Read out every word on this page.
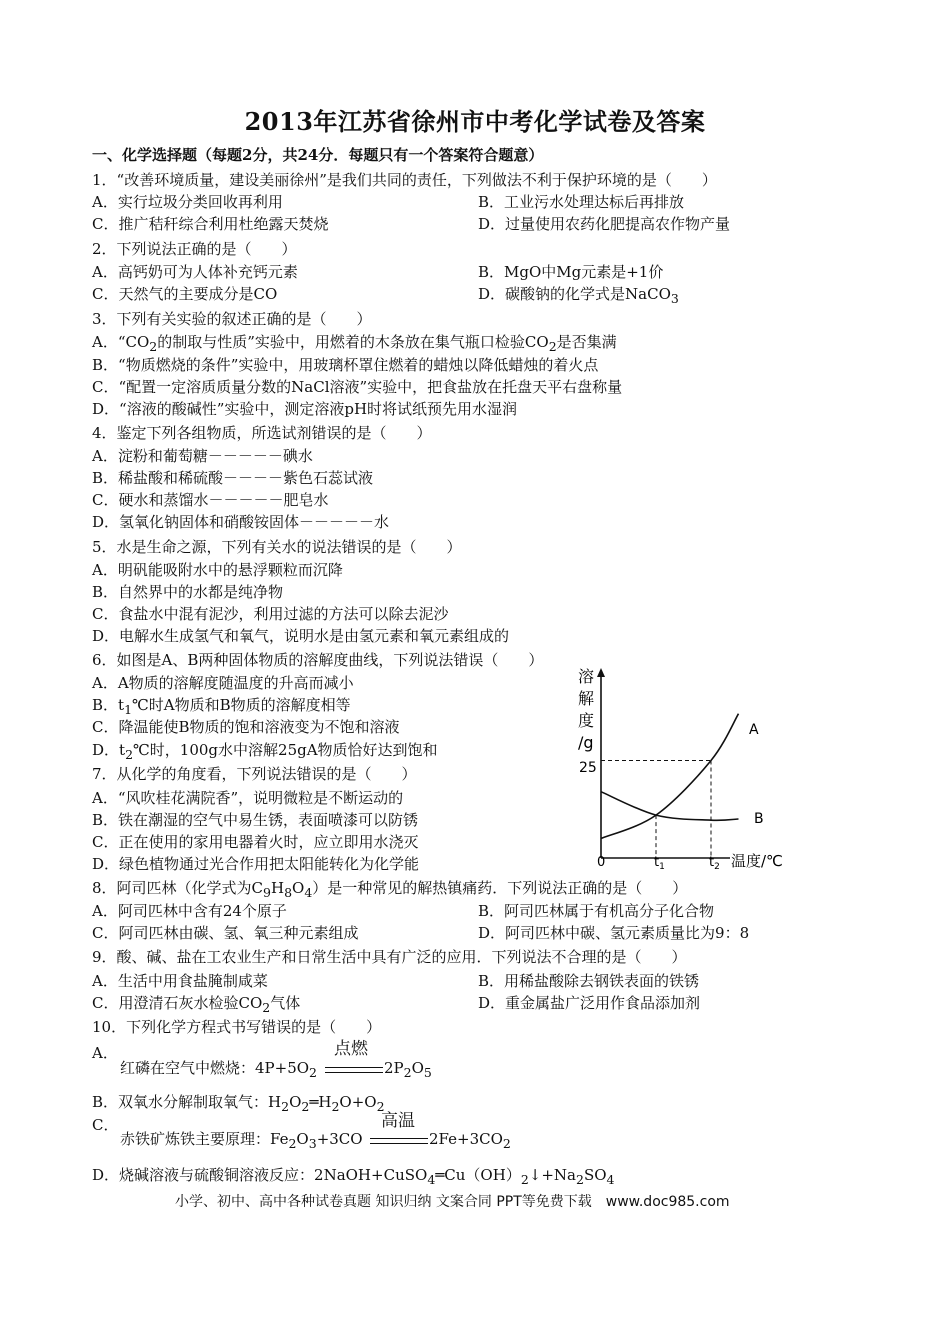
2013年江苏省徐州市中考化学试卷及答案
一、化学选择题（每题2分，共24分．每题只有一个答案符合题意）
1．“改善环境质量，建设美丽徐州”是我们共同的责任，下列做法不利于保护环境的是（　　）
A．实行垃圾分类回收再利用	B．工业污水处理达标后再排放
C．推广秸秆综合利用杜绝露天焚烧	D．过量使用农药化肥提高农作物产量
2．下列说法正确的是（　　）
A．高钙奶可为人体补充钙元素	B．MgO中Mg元素是+1价
C．天然气的主要成分是CO	D．碳酸钠的化学式是NaCO$_3$
3．下列有关实验的叙述正确的是（　　）
A．“$CO_2$的制取与性质”实验中，用燃着的木条放在集气瓶口检验$CO_2$是否集满
B．“物质燃烧的条件”实验中，用玻璃杯罩住燃着的蜡烛以降低蜡烛的着火点
C．“配置一定溶质质量分数的NaCl溶液”实验中，把食盐放在托盘天平右盘称量
D．“溶液的酸碱性”实验中，测定溶液pH时将试纸预先用水湿润
4．鉴定下列各组物质，所选试剂错误的是（　　）
A．淀粉和葡萄糖－－－－－碘水
B．稀盐酸和稀硫酸－－－－紫色石蕊试液
C．硬水和蒸馏水－－－－－肥皂水
D．氢氧化钠固体和硝酸铵固体－－－－－水
5．水是生命之源，下列有关水的说法错误的是（　　）
A．明矾能吸附水中的悬浮颗粒而沉降
B．自然界中的水都是纯净物
C．食盐水中混有泥沙，利用过滤的方法可以除去泥沙
D．电解水生成氢气和氧气，说明水是由氢元素和氧元素组成的
6．如图是A、B两种固体物质的溶解度曲线，下列说法错误（　　）
A．A物质的溶解度随温度的升高而减小
B．$t_1℃$时A物质和B物质的溶解度相等
C．降温能使B物质的饱和溶液变为不饱和溶液
D．$t_2℃$时，100g水中溶解25gA物质恰好达到饱和
7．从化学的角度看，下列说法错误的是（　　）
A．“风吹桂花满院香”，说明微粒是不断运动的
B．铁在潮湿的空气中易生锈，表面喷漆可以防锈
C．正在使用的家用电器着火时，应立即用水浇灭
D．绿色植物通过光合作用把太阳能转化为化学能
8．阿司匹林（化学式为$C_9H_8O_4$）是一种常见的解热镇痛药．下列说法正确的是（　　）
A．阿司匹林中含有24个原子	B．阿司匹林属于有机高分子化合物
C．阿司匹林由碳、氢、氧三种元素组成	D．阿司匹林中碳、氢元素质量比为9：8
9．酸、碱、盐在工农业生产和日常生活中具有广泛的应用．下列说法不合理的是（　　）
A．生活中用食盐腌制咸菜	B．用稀盐酸除去钢铁表面的铁锈
C．用澄清石灰水检验$CO_2$气体	D．重金属盐广泛用作食品添加剂
10．下列化学方程式书写错误的是（　　）
A．
红磷在空气中燃烧：$4P+5O_2$
点燃
$2P_2O_5$
B．双氧水分解制取氧气：$H_2O_2═H_2O+O_2$
C．
赤铁矿炼铁主要原理：$Fe_2O_3+3CO$
高温
$2Fe+3CO_2$
D．烧碱溶液与硫酸铜溶液反应：$2NaOH+CuSO_4═Cu(OH)_2↓+Na_2SO_4$
溶
解
度
/g
25
0	$t_1$	$t_2$ 温度/℃
A
B
小学、初中、高中各种试卷真题 知识归纳 文案合同 PPT等免费下载　www.doc985.com
